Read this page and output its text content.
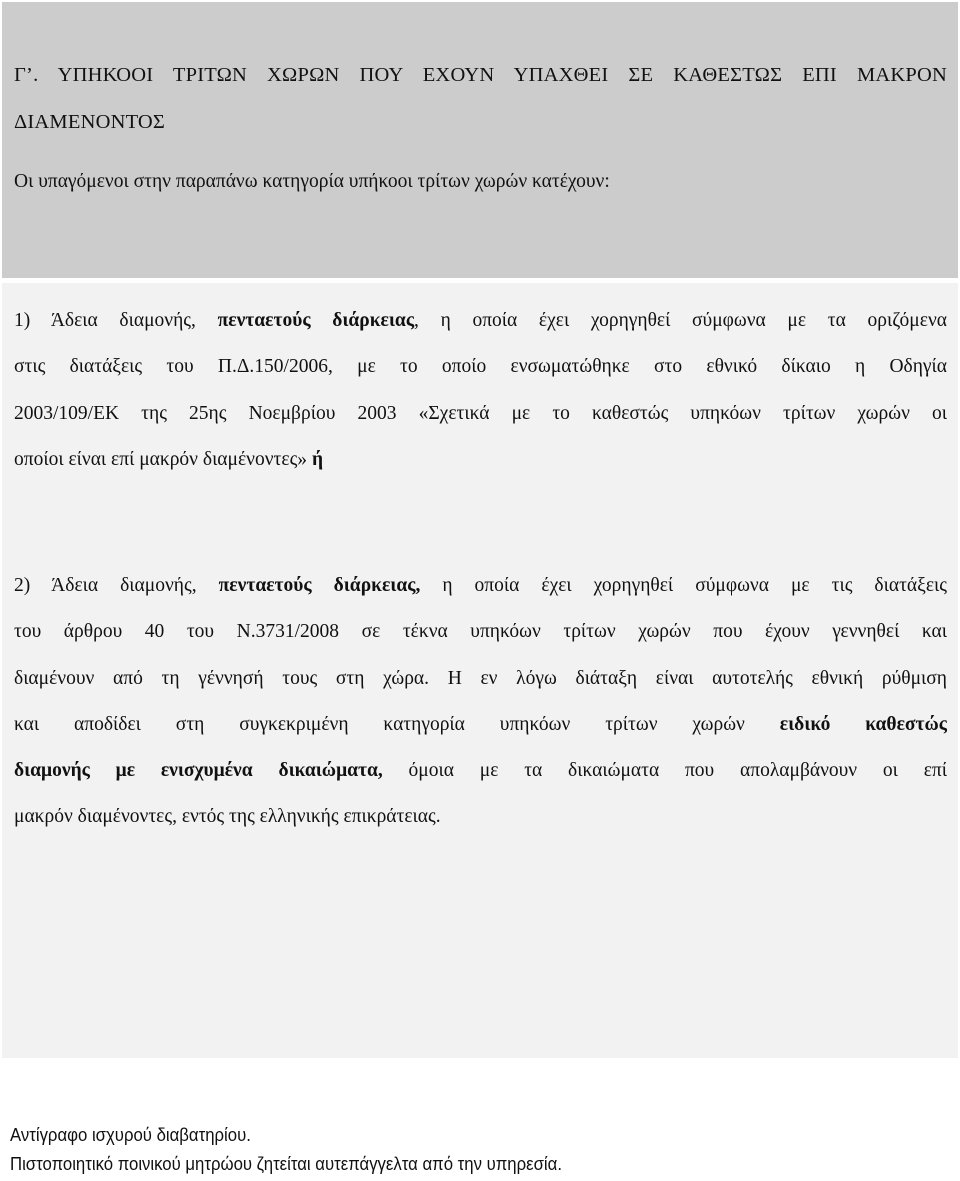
Γ’. ΥΠΗΚΟΟΙ ΤΡΙΤΩΝ ΧΩΡΩΝ ΠΟΥ ΕΧΟΥΝ ΥΠΑΧΘΕΙ ΣΕ ΚΑΘΕΣΤΩΣ ΕΠΙ ΜΑΚΡΟΝ
ΔΙΑΜΕΝΟΝΤΟΣ
Οι υπαγόμενοι στην παραπάνω κατηγορία υπήκοοι τρίτων χωρών κατέχουν:
1) Άδεια διαμονής, πενταετούς διάρκειας, η οποία έχει χορηγηθεί σύμφωνα με τα οριζόμενα
στις διατάξεις του Π.Δ.150/2006, με το οποίο ενσωματώθηκε στο εθνικό δίκαιο η Οδηγία
2003/109/ΕΚ της 25ης Νοεμβρίου 2003 «Σχετικά με το καθεστώς υπηκόων τρίτων χωρών οι
οποίοι είναι επί μακρόν διαμένοντες» ή
2) Άδεια διαμονής, πενταετούς διάρκειας, η οποία έχει χορηγηθεί σύμφωνα με τις διατάξεις
του άρθρου 40 του Ν.3731/2008 σε τέκνα υπηκόων τρίτων χωρών που έχουν γεννηθεί και
διαμένουν από τη γέννησή τους στη χώρα. Η εν λόγω διάταξη είναι αυτοτελής εθνική ρύθμιση
και αποδίδει στη συγκεκριμένη κατηγορία υπηκόων τρίτων χωρών ειδικό καθεστώς
διαμονής με ενισχυμένα δικαιώματα, όμοια με τα δικαιώματα που απολαμβάνουν οι επί
μακρόν διαμένοντες, εντός της ελληνικής επικράτειας.
Αντίγραφο ισχυρού διαβατηρίου.
Πιστοποιητικό ποινικού μητρώου ζητείται αυτεπάγγελτα από την υπηρεσία.
